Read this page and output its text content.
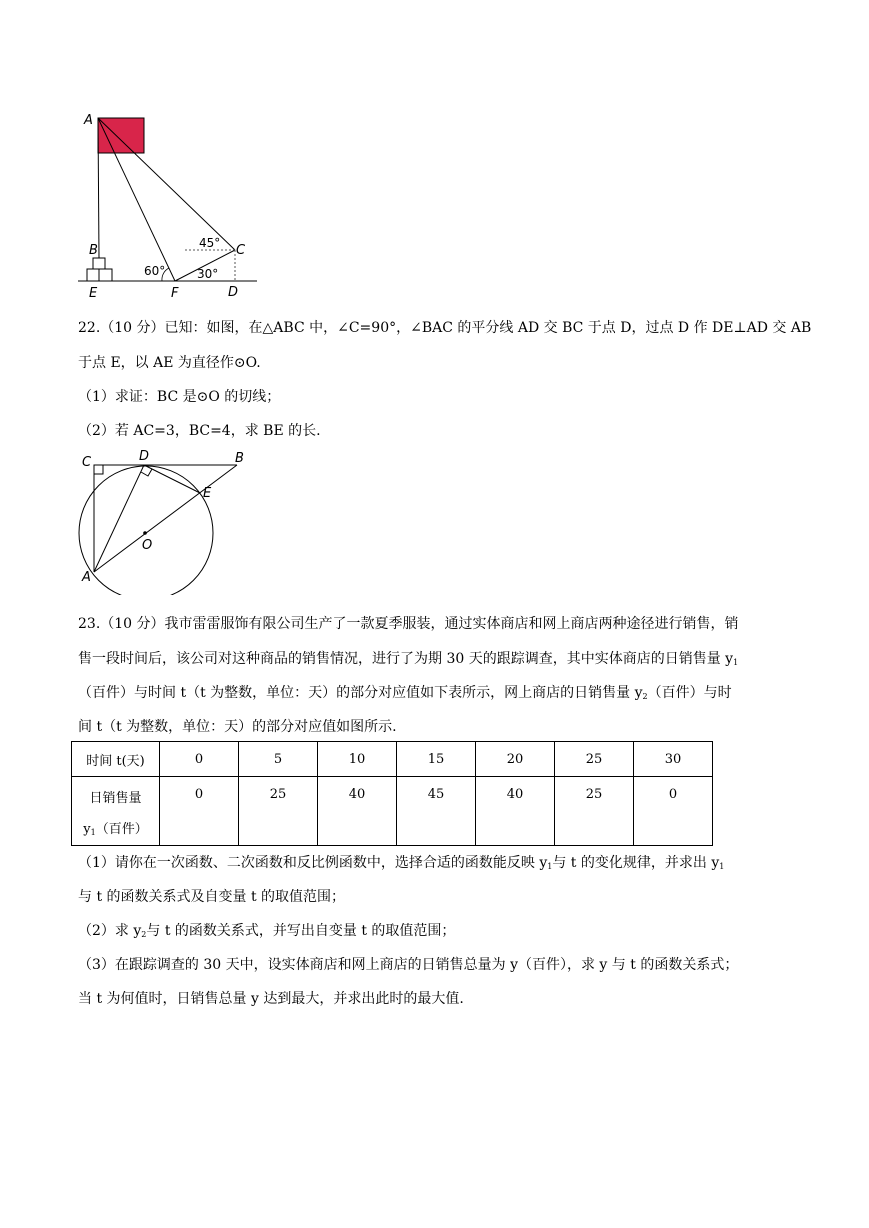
A
B	C
D
E	F
60°
45°
30°
22.（10 分）已知：如图，在△ABC 中，∠C=90°，∠BAC 的平分线 AD 交 BC 于点 D，过点 D 作 DE⊥AD 交 AB
于点 E，以 AE 为直径作⊙O.
（1）求证：BC 是⊙O 的切线；
（2）若 AC=3，BC=4，求 BE 的长.
C	D	B
E
O
A
23.（10 分）我市雷雷服饰有限公司生产了一款夏季服装，通过实体商店和网上商店两种途径进行销售，销
售一段时间后，该公司对这种商品的销售情况，进行了为期 30 天的跟踪调查，其中实体商店的日销售量 $y_1$
（百件）与时间 t（t 为整数，单位：天）的部分对应值如下表所示，网上商店的日销售量 $y_2$（百件）与时
间 t（t 为整数，单位：天）的部分对应值如图所示.
时间 t(天)	0	5	10	15	20	25	30

日销售量
$y_1$（百件）	0	25	40	45	40	25	0
（1）请你在一次函数、二次函数和反比例函数中，选择合适的函数能反映 $y_1$与 t 的变化规律，并求出 $y_1$
与 t 的函数关系式及自变量 t 的取值范围；
（2）求 $y_2$与 t 的函数关系式，并写出自变量 t 的取值范围；
（3）在跟踪调查的 30 天中，设实体商店和网上商店的日销售总量为 y（百件），求 y 与 t 的函数关系式；
当 t 为何值时，日销售总量 y 达到最大，并求出此时的最大值.
